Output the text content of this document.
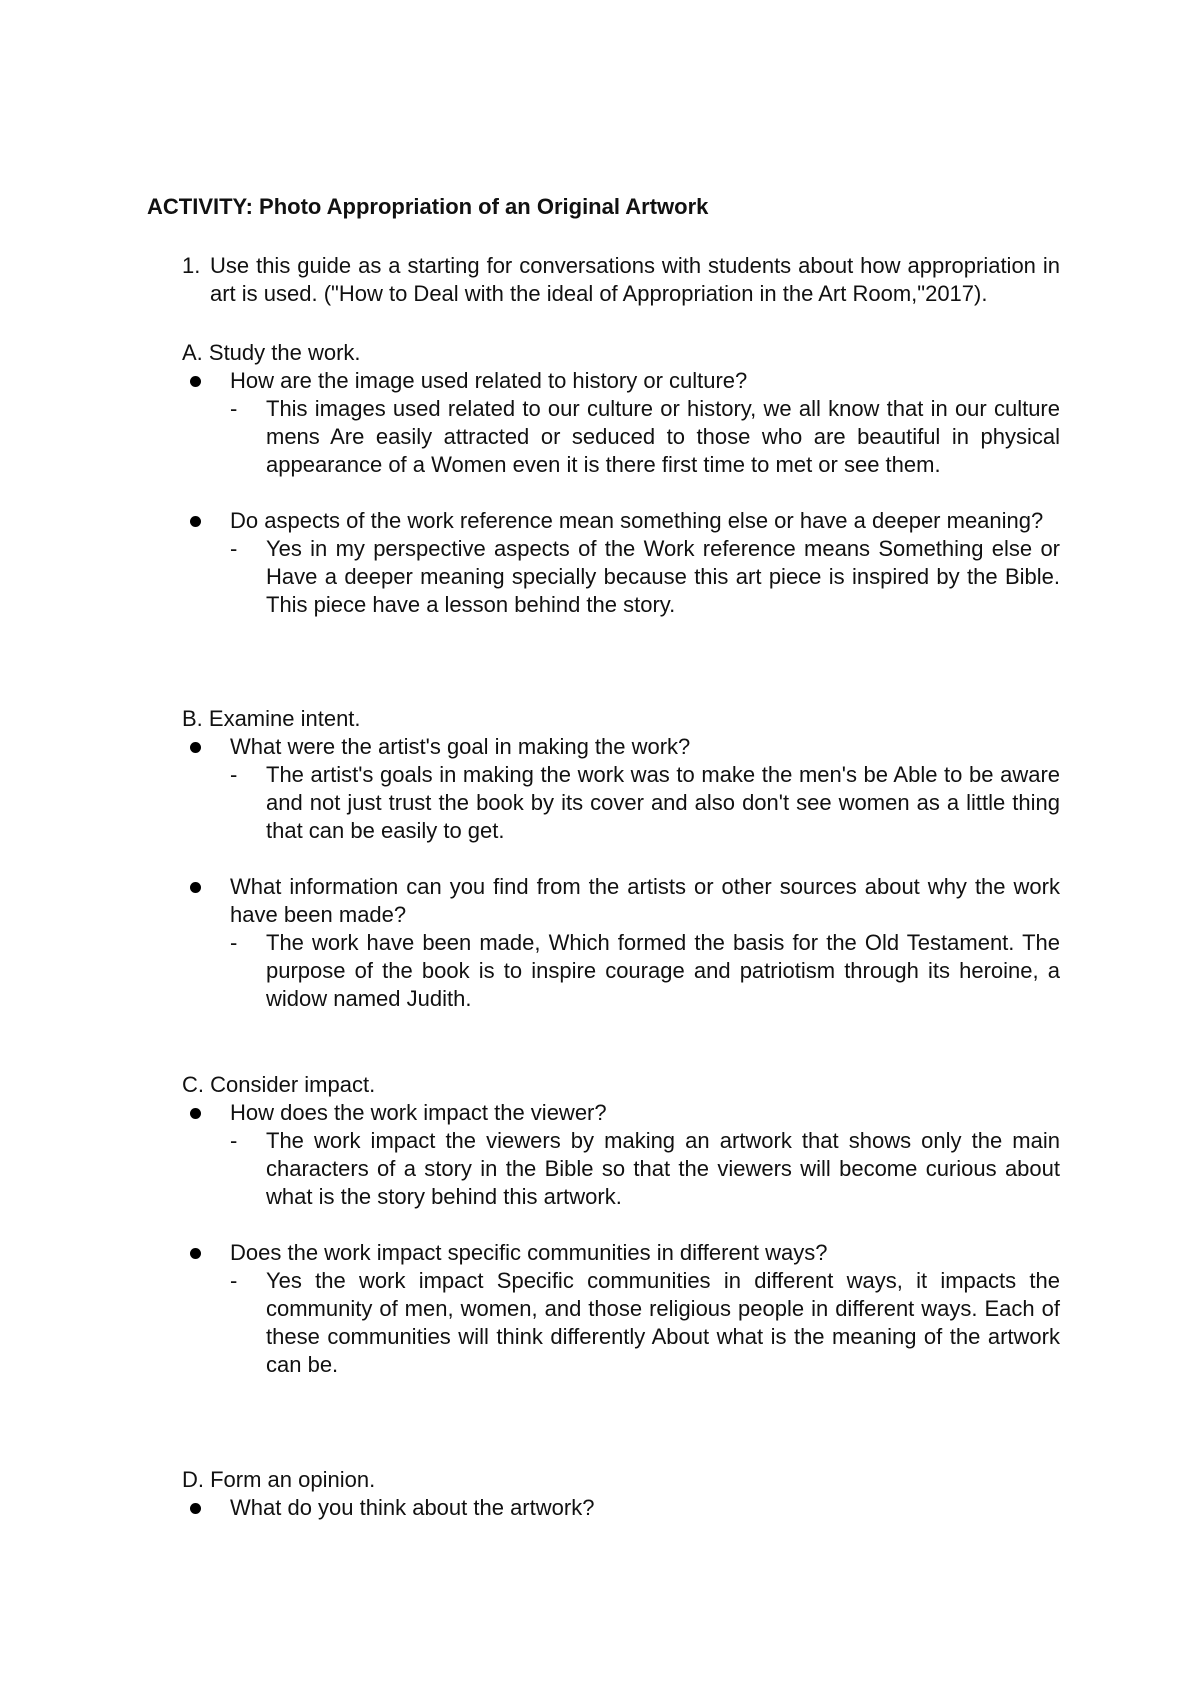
ACTIVITY: Photo Appropriation of an Original Artwork
1. Use this guide as a starting for conversations with students about how appropriation in art is used. ("How to Deal with the ideal of Appropriation in the Art Room,"2017).

A. Study the work.

How are the image used related to history or culture?
- This images used related to our culture or history, we all know that in our culture mens Are easily attracted or seduced to those who are beautiful in physical appearance of a Women even it is there first time to met or see them.
Do aspects of the work reference mean something else or have a deeper meaning?
- Yes in my perspective aspects of the Work reference means Something else or Have a deeper meaning specially because this art piece is inspired by the Bible. This piece have a lesson behind the story.

B. Examine intent.

What were the artist's goal in making the work?
- The artist's goals in making the work was to make the men's be Able to be aware and not just trust the book by its cover and also don't see women as a little thing that can be easily to get.
What information can you find from the artists or other sources about why the work have been made?
- The work have been made, Which formed the basis for the Old Testament. The purpose of the book is to inspire courage and patriotism through its heroine, a widow named Judith.

C. Consider impact.

How does the work impact the viewer?
- The work impact the viewers by making an artwork that shows only the main characters of a story in the Bible so that the viewers will become curious about what is the story behind this artwork.
Does the work impact specific communities in different ways?
- Yes the work impact Specific communities in different ways, it impacts the community of men, women, and those religious people in different ways. Each of these communities will think differently About what is the meaning of the artwork can be.

D. Form an opinion.

What do you think about the artwork?
